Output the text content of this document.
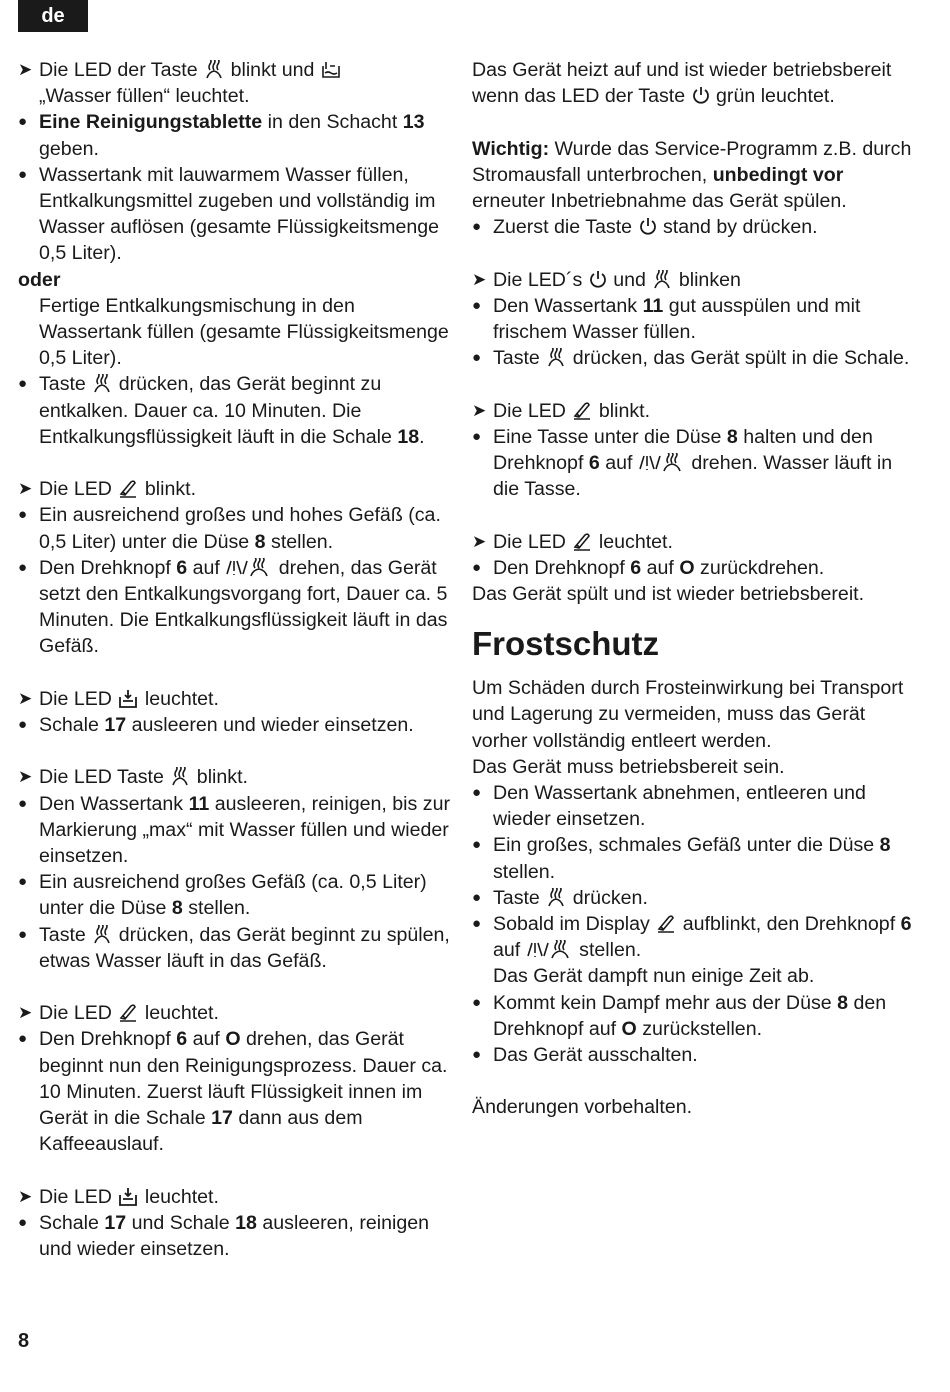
de
➤ Die LED der Taste blinkt und
„Wasser füllen“ leuchtet.
● Eine Reinigungstablette in den Schacht 13 geben.
● Wassertank mit lauwarmem Wasser füllen, Entkalkungsmittel zugeben und vollständig im Wasser auflösen (gesamte Flüssigkeitsmenge 0,5 Liter).
oder
Fertige Entkalkungsmischung in den Wassertank füllen (gesamte Flüssigkeitsmenge 0,5 Liter).
● Taste drücken, das Gerät beginnt zu entkalken. Dauer ca. 10 Minuten. Die Entkalkungsflüssigkeit läuft in die Schale 18.
➤ Die LED blinkt.
● Ein ausreichend großes und hohes Gefäß (ca. 0,5 Liter) unter die Düse 8 stellen.
● Den Drehknopf 6 auf	drehen, das Gerät setzt den Entkalkungsvorgang fort, Dauer ca. 5 Minuten. Die Entkalkungsflüssigkeit läuft in das Gefäß.
➤ Die LED leuchtet.
● Schale 17 ausleeren und wieder einsetzen.
➤ Die LED Taste blinkt.
● Den Wassertank 11 ausleeren, reinigen, bis zur Markierung „max“ mit Wasser füllen und wieder einsetzen.
● Ein ausreichend großes Gefäß (ca. 0,5 Liter) unter die Düse 8 stellen.
● Taste drücken, das Gerät beginnt zu spülen, etwas Wasser läuft in das Gefäß.
➤ Die LED leuchtet.
● Den Drehknopf 6 auf O drehen, das Gerät beginnt nun den Reinigungsprozess. Dauer ca. 10 Minuten. Zuerst läuft Flüssigkeit innen im Gerät in die Schale 17 dann aus dem Kaffeeauslauf.
➤ Die LED leuchtet.
● Schale 17 und Schale 18 ausleeren, reinigen und wieder einsetzen.
Das Gerät heizt auf und ist wieder betriebsbereit wenn das LED der Taste grün leuchtet.
Wichtig: Wurde das Service-Programm z.B. durch Stromausfall unterbrochen, unbedingt vor erneuter Inbetriebnahme das Gerät spülen.
● Zuerst die Taste stand by drücken.
➤ Die LED´s und blinken
● Den Wassertank 11 gut ausspülen und mit frischem Wasser füllen.
● Taste drücken, das Gerät spült in die Schale.
➤ Die LED blinkt.
● Eine Tasse unter die Düse 8 halten und den Drehknopf 6 auf	drehen. Wasser läuft in die Tasse.
➤ Die LED leuchtet.
● Den Drehknopf 6 auf O zurückdrehen.
Das Gerät spült und ist wieder betriebsbereit.
Frostschutz
Um Schäden durch Frosteinwirkung bei Transport und Lagerung zu vermeiden, muss das Gerät vorher vollständig entleert werden.
Das Gerät muss betriebsbereit sein.
● Den Wassertank abnehmen, entleeren und wieder einsetzen.
● Ein großes, schmales Gefäß unter die Düse 8 stellen.
● Taste drücken.
● Sobald im Display aufblinkt, den Drehknopf 6 auf	stellen.
Das Gerät dampft nun einige Zeit ab.
● Kommt kein Dampf mehr aus der Düse 8 den Drehknopf auf O zurückstellen.
● Das Gerät ausschalten.
Änderungen vorbehalten.
8
